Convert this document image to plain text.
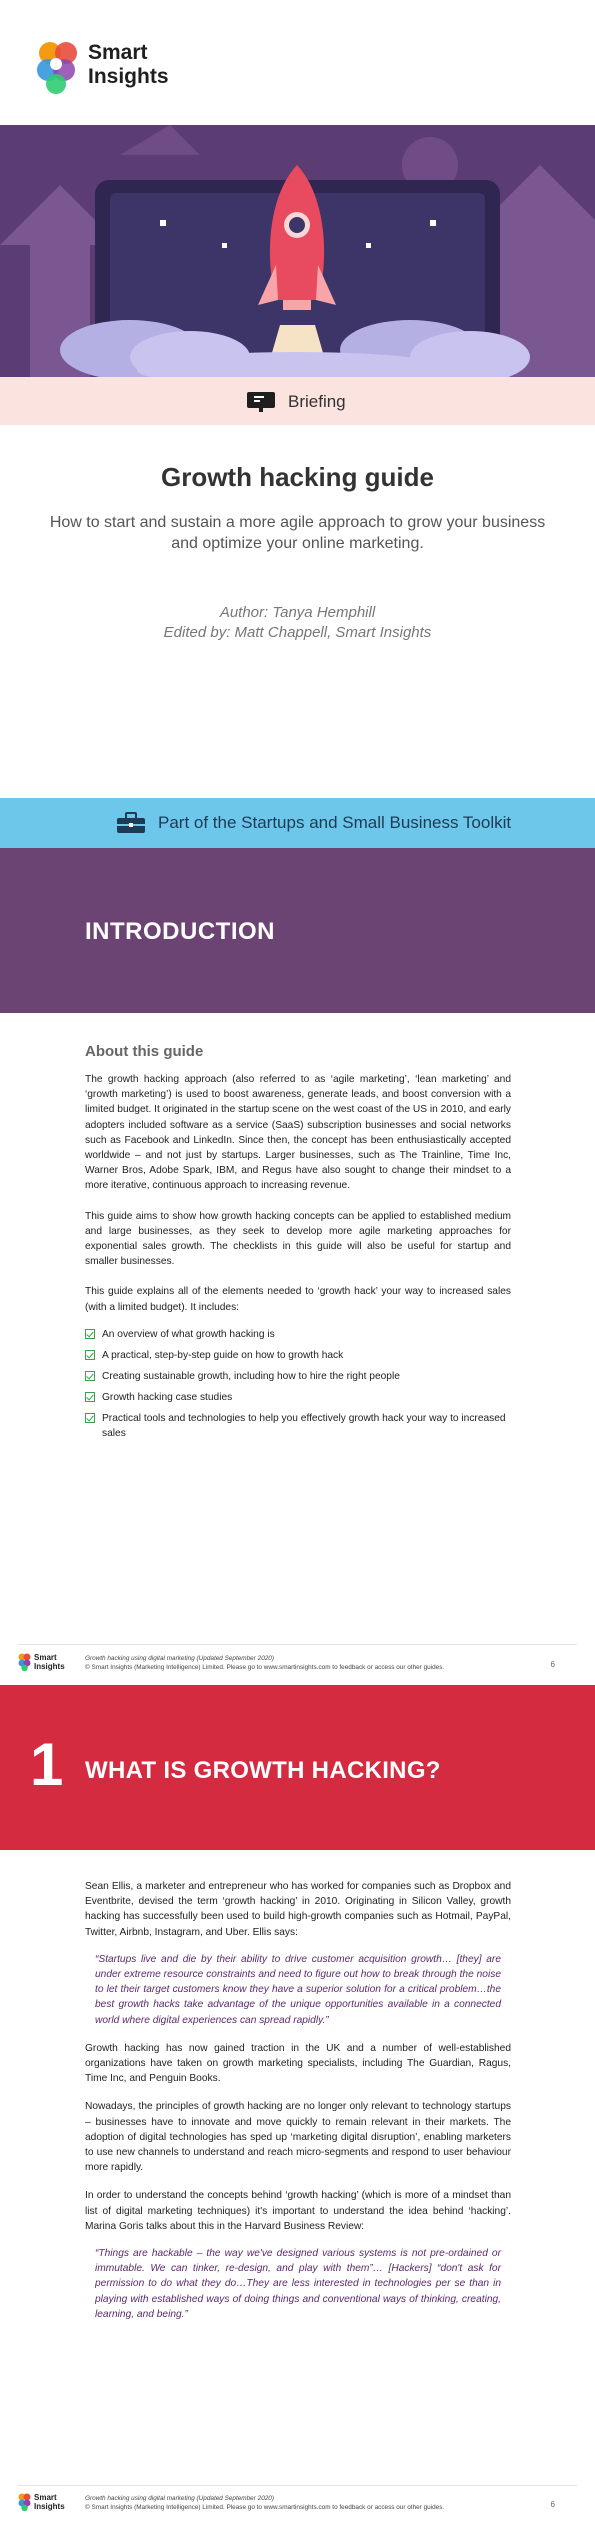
Smart
Insights
Briefing
Growth hacking guide

How to start and sustain a more agile approach to grow your business and optimize your online marketing.

Author: Tanya Hemphill

Edited by: Matt Chappell, Smart Insights

Part of the Startups and Small Business Toolkit
INTRODUCTION
About this guide

The growth hacking approach (also referred to as ‘agile marketing’, ‘lean marketing’ and ‘growth marketing’) is used to boost awareness, generate leads, and boost conversion with a limited budget. It originated in the startup scene on the west coast of the US in 2010, and early adopters included software as a service (SaaS) subscription businesses and social networks such as Facebook and LinkedIn. Since then, the concept has been enthusiastically accepted worldwide – and not just by startups. Larger businesses, such as The Trainline, Time Inc, Warner Bros, Adobe Spark, IBM, and Regus have also sought to change their mindset to a more iterative, continuous approach to increasing revenue.

This guide aims to show how growth hacking concepts can be applied to established medium and large businesses, as they seek to develop more agile marketing approaches for exponential sales growth. The checklists in this guide will also be useful for startup and smaller businesses.

This guide explains all of the elements needed to ‘growth hack’ your way to increased sales (with a limited budget). It includes:

An overview of what growth hacking is
A practical, step-by-step guide on how to growth hack
Creating sustainable growth, including how to hire the right people
Growth hacking case studies
Practical tools and technologies to help you effectively growth hack your way to increased sales
Smart
Insights
Growth hacking using digital marketing (Updated September 2020)
© Smart Insights (Marketing Intelligence) Limited. Please go to www.smartinsights.com to feedback or access our other guides.	6
1 WHAT IS GROWTH HACKING?

Sean Ellis, a marketer and entrepreneur who has worked for companies such as Dropbox and Eventbrite, devised the term ‘growth hacking’ in 2010. Originating in Silicon Valley, growth hacking has successfully been used to build high-growth companies such as Hotmail, PayPal, Twitter, Airbnb, Instagram, and Uber. Ellis says:

“Startups live and die by their ability to drive customer acquisition growth… [they] are under extreme resource constraints and need to figure out how to break through the noise to let their target customers know they have a superior solution for a critical problem…the best growth hacks take advantage of the unique opportunities available in a connected world where digital experiences can spread rapidly.”

Growth hacking has now gained traction in the UK and a number of well-established organizations have taken on growth marketing specialists, including The Guardian, Ragus, Time Inc, and Penguin Books.

Nowadays, the principles of growth hacking are no longer only relevant to technology startups – businesses have to innovate and move quickly to remain relevant in their markets. The adoption of digital technologies has sped up ‘marketing digital disruption’, enabling marketers to use new channels to understand and reach micro-segments and respond to user behaviour more rapidly.

In order to understand the concepts behind ‘growth hacking’ (which is more of a mindset than list of digital marketing techniques) it's important to understand the idea behind ‘hacking’. Marina Goris talks about this in the Harvard Business Review:

“Things are hackable – the way we've designed various systems is not pre-ordained or immutable. We can tinker, re-design, and play with them”… [Hackers] “don't ask for permission to do what they do…They are less interested in technologies per se than in playing with established ways of doing things and conventional ways of thinking, creating, learning, and being.”
Smart
Insights
Growth hacking using digital marketing (Updated September 2020)
© Smart Insights (Marketing Intelligence) Limited. Please go to www.smartinsights.com to feedback or access our other guides.	6
